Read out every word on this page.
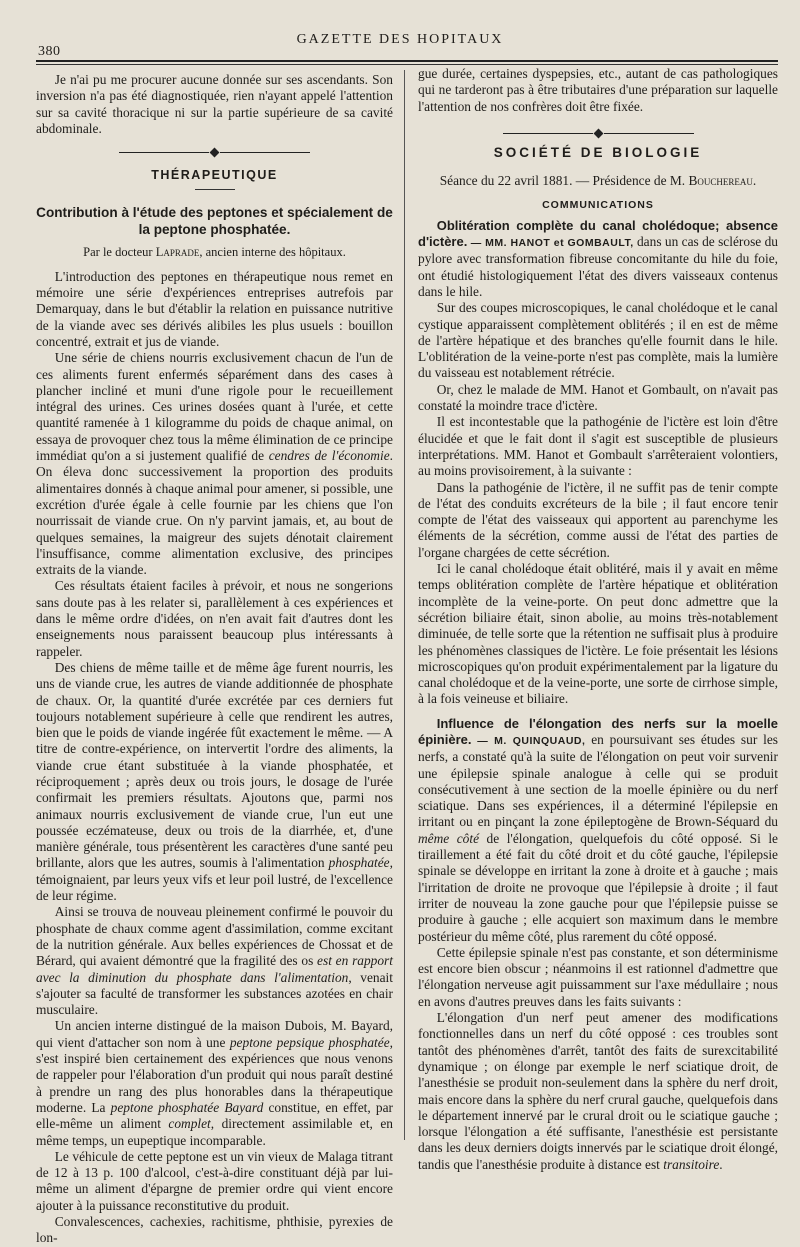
380
GAZETTE DES HOPITAUX

Je n'ai pu me procurer aucune donnée sur ses ascendants. Son inversion n'a pas été diagnostiquée, rien n'ayant appelé l'attention sur sa cavité thoracique ni sur la partie supérieure de sa cavité abdominale.

THÉRAPEUTIQUE
Contribution à l'étude des peptones et spécialement de la peptone phosphatée.
Par le docteur Laprade, ancien interne des hôpitaux.

L'introduction des peptones en thérapeutique nous remet en mémoire une série d'expériences entreprises autrefois par Demarquay, dans le but d'établir la relation en puissance nutritive de la viande avec ses dérivés alibiles les plus usuels : bouillon concentré, extrait et jus de viande.

Une série de chiens nourris exclusivement chacun de l'un de ces aliments furent enfermés séparément dans des cases à plancher incliné et muni d'une rigole pour le recueillement intégral des urines. Ces urines dosées quant à l'urée, et cette quantité ramenée à 1 kilogramme du poids de chaque animal, on essaya de provoquer chez tous la même élimination de ce principe immédiat qu'on a si justement qualifié de cendres de l'économie. On éleva donc successivement la proportion des produits alimentaires donnés à chaque animal pour amener, si possible, une excrétion d'urée égale à celle fournie par les chiens que l'on nourrissait de viande crue. On n'y parvint jamais, et, au bout de quelques semaines, la maigreur des sujets dénotait clairement l'insuffisance, comme alimentation exclusive, des principes extraits de la viande.

Ces résultats étaient faciles à prévoir, et nous ne songerions sans doute pas à les relater si, parallèlement à ces expériences et dans le même ordre d'idées, on n'en avait fait d'autres dont les enseignements nous paraissent beaucoup plus intéressants à rappeler.

Des chiens de même taille et de même âge furent nourris, les uns de viande crue, les autres de viande additionnée de phosphate de chaux. Or, la quantité d'urée excrétée par ces derniers fut toujours notablement supérieure à celle que rendirent les autres, bien que le poids de viande ingérée fût exactement le même. — A titre de contre-expérience, on intervertit l'ordre des aliments, la viande crue étant substituée à la viande phosphatée, et réciproquement ; après deux ou trois jours, le dosage de l'urée confirmait les premiers résultats. Ajoutons que, parmi nos animaux nourris exclusivement de viande crue, l'un eut une poussée eczémateuse, deux ou trois de la diarrhée, et, d'une manière générale, tous présentèrent les caractères d'une santé peu brillante, alors que les autres, soumis à l'alimentation phosphatée, témoignaient, par leurs yeux vifs et leur poil lustré, de l'excellence de leur régime.

Ainsi se trouva de nouveau pleinement confirmé le pouvoir du phosphate de chaux comme agent d'assimilation, comme excitant de la nutrition générale. Aux belles expériences de Chossat et de Bérard, qui avaient démontré que la fragilité des os est en rapport avec la diminution du phosphate dans l'alimentation, venait s'ajouter sa faculté de transformer les substances azotées en chair musculaire.

Un ancien interne distingué de la maison Dubois, M. Bayard, qui vient d'attacher son nom à une peptone pepsique phosphatée, s'est inspiré bien certainement des expériences que nous venons de rappeler pour l'élaboration d'un produit qui nous paraît destiné à prendre un rang des plus honorables dans la thérapeutique moderne. La peptone phosphatée Bayard constitue, en effet, par elle-même un aliment complet, directement assimilable et, en même temps, un eupeptique incomparable.

Le véhicule de cette peptone est un vin vieux de Malaga titrant de 12 à 13 p. 100 d'alcool, c'est-à-dire constituant déjà par lui-même un aliment d'épargne de premier ordre qui vient encore ajouter à la puissance reconstitutive du produit.

Convalescences, cachexies, rachitisme, phthisie, pyrexies de lon-

gue durée, certaines dyspepsies, etc., autant de cas pathologiques qui ne tarderont pas à être tributaires d'une préparation sur laquelle l'attention de nos confrères doit être fixée.

SOCIÉTÉ DE BIOLOGIE

Séance du 22 avril 1881. — Présidence de M. Bouchereau.

COMMUNICATIONS

Oblitération complète du canal cholédoque; absence d'ictère. — MM. HANOT et GOMBAULT, dans un cas de sclérose du pylore avec transformation fibreuse concomitante du hile du foie, ont étudié histologiquement l'état des divers vaisseaux contenus dans le hile.

Sur des coupes microscopiques, le canal cholédoque et le canal cystique apparaissent complètement oblitérés ; il en est de même de l'artère hépatique et des branches qu'elle fournit dans le hile. L'oblitération de la veine-porte n'est pas complète, mais la lumière du vaisseau est notablement rétrécie.

Or, chez le malade de MM. Hanot et Gombault, on n'avait pas constaté la moindre trace d'ictère.

Il est incontestable que la pathogénie de l'ictère est loin d'être élucidée et que le fait dont il s'agit est susceptible de plusieurs interprétations. MM. Hanot et Gombault s'arrêteraient volontiers, au moins provisoirement, à la suivante :

Dans la pathogénie de l'ictère, il ne suffit pas de tenir compte de l'état des conduits excréteurs de la bile ; il faut encore tenir compte de l'état des vaisseaux qui apportent au parenchyme les éléments de la sécrétion, comme aussi de l'état des parties de l'organe chargées de cette sécrétion.

Ici le canal cholédoque était oblitéré, mais il y avait en même temps oblitération complète de l'artère hépatique et oblitération incomplète de la veine-porte. On peut donc admettre que la sécrétion biliaire était, sinon abolie, au moins très-notablement diminuée, de telle sorte que la rétention ne suffisait plus à produire les phénomènes classiques de l'ictère. Le foie présentait les lésions microscopiques qu'on produit expérimentalement par la ligature du canal cholédoque et de la veine-porte, une sorte de cirrhose simple, à la fois veineuse et biliaire.

Influence de l'élongation des nerfs sur la moelle épinière. — M. QUINQUAUD, en poursuivant ses études sur les nerfs, a constaté qu'à la suite de l'élongation on peut voir survenir une épilepsie spinale analogue à celle qui se produit consécutivement à une section de la moelle épinière ou du nerf sciatique. Dans ses expériences, il a déterminé l'épilepsie en irritant ou en pinçant la zone épileptogène de Brown-Séquard du même côté de l'élongation, quelquefois du côté opposé. Si le tiraillement a été fait du côté droit et du côté gauche, l'épilepsie spinale se développe en irritant la zone à droite et à gauche ; mais l'irritation de droite ne provoque que l'épilepsie à droite ; il faut irriter de nouveau la zone gauche pour que l'épilepsie puisse se produire à gauche ; elle acquiert son maximum dans le membre postérieur du même côté, plus rarement du côté opposé.

Cette épilepsie spinale n'est pas constante, et son déterminisme est encore bien obscur ; néanmoins il est rationnel d'admettre que l'élongation nerveuse agit puissamment sur l'axe médullaire ; nous en avons d'autres preuves dans les faits suivants :

L'élongation d'un nerf peut amener des modifications fonctionnelles dans un nerf du côté opposé : ces troubles sont tantôt des phénomènes d'arrêt, tantôt des faits de surexcitabilité dynamique ; on élonge par exemple le nerf sciatique droit, de l'anesthésie se produit non-seulement dans la sphère du nerf droit, mais encore dans la sphère du nerf crural gauche, quelquefois dans le département innervé par le crural droit ou le sciatique gauche ; lorsque l'élongation a été suffisante, l'anesthésie est persistante dans les deux derniers doigts innervés par le sciatique droit élongé, tandis que l'anesthésie produite à distance est transitoire.
